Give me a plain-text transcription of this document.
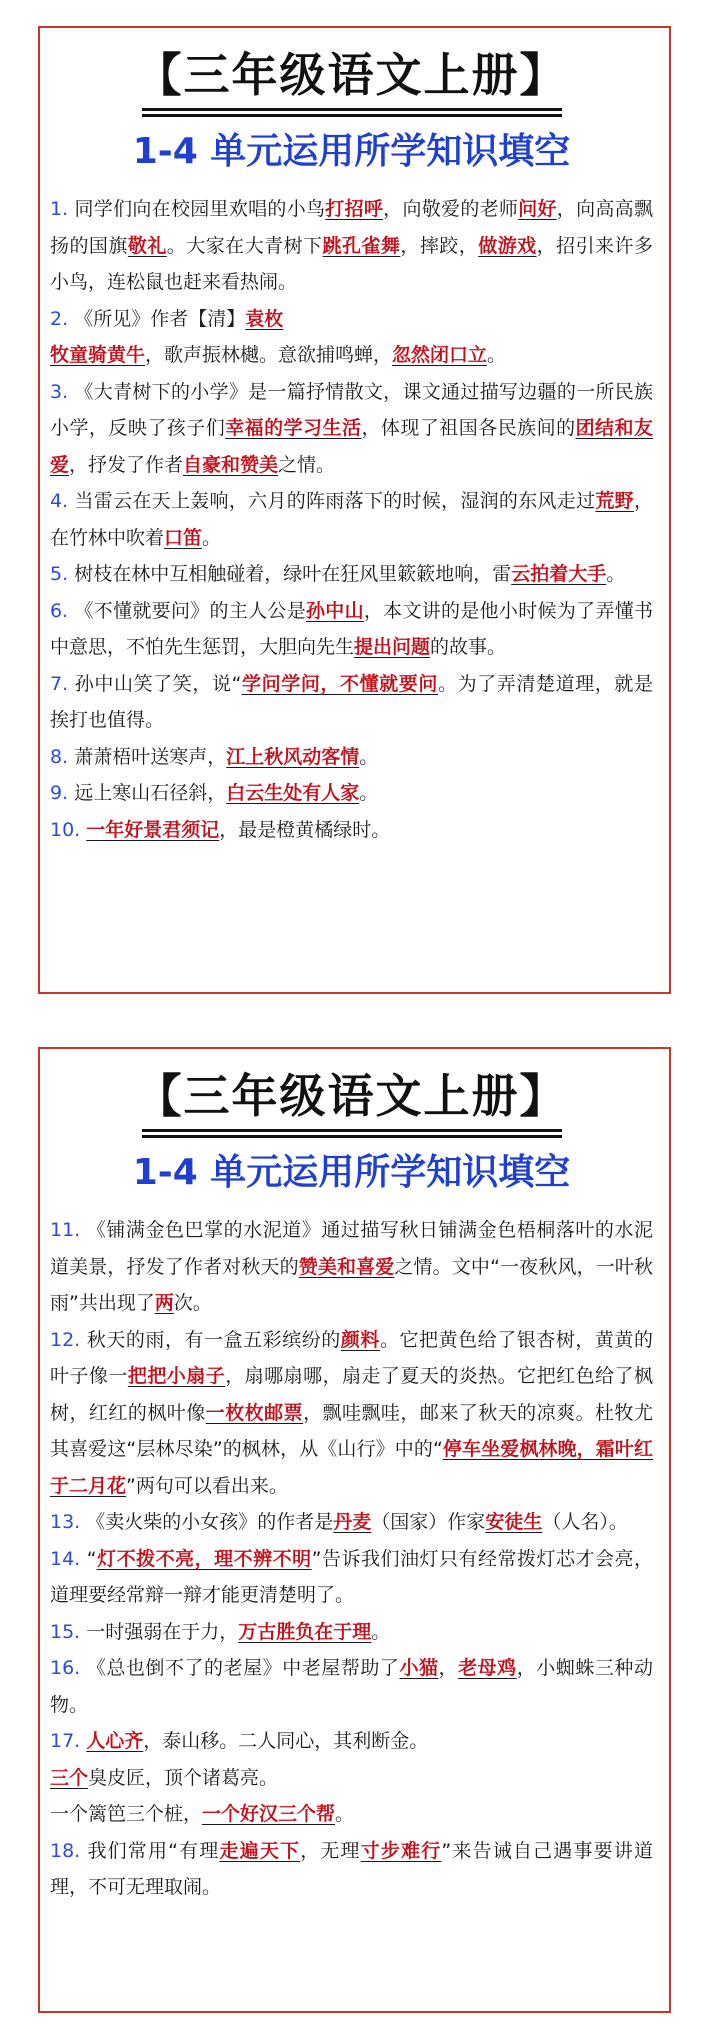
【三年级语文上册】
1-4 单元运用所学知识填空

1. 同学们向在校园里欢唱的小鸟打招呼，向敬爱的老师问好，向高高飘扬的国旗敬礼。大家在大青树下跳孔雀舞，摔跤，做游戏，招引来许多小鸟，连松鼠也赶来看热闹。

2. 《所见》作者【清】袁枚

牧童骑黄牛，歌声振林樾。意欲捕鸣蝉，忽然闭口立。

3. 《大青树下的小学》是一篇抒情散文，课文通过描写边疆的一所民族小学，反映了孩子们幸福的学习生活，体现了祖国各民族间的团结和友爱，抒发了作者自豪和赞美之情。

4. 当雷云在天上轰响，六月的阵雨落下的时候，湿润的东风走过荒野，在竹林中吹着口笛。

5. 树枝在林中互相触碰着，绿叶在狂风里簌簌地响，雷云拍着大手。

6. 《不懂就要问》的主人公是孙中山，本文讲的是他小时候为了弄懂书中意思，不怕先生惩罚，大胆向先生提出问题的故事。

7. 孙中山笑了笑，说“学问学问，不懂就要问。为了弄清楚道理，就是挨打也值得。

8. 萧萧梧叶送寒声，江上秋风动客情。

9. 远上寒山石径斜，白云生处有人家。

10. 一年好景君须记，最是橙黄橘绿时。

【三年级语文上册】
1-4 单元运用所学知识填空

11. 《铺满金色巴掌的水泥道》通过描写秋日铺满金色梧桐落叶的水泥道美景，抒发了作者对秋天的赞美和喜爱之情。文中“一夜秋风，一叶秋雨”共出现了两次。

12. 秋天的雨，有一盒五彩缤纷的颜料。它把黄色给了银杏树，黄黄的叶子像一把把小扇子，扇哪扇哪，扇走了夏天的炎热。它把红色给了枫树，红红的枫叶像一枚枚邮票，飘哇飘哇，邮来了秋天的凉爽。杜牧尤其喜爱这“层林尽染”的枫林，从《山行》中的“停车坐爱枫林晚，霜叶红于二月花”两句可以看出来。

13. 《卖火柴的小女孩》的作者是丹麦（国家）作家安徒生（人名）。

14. “灯不拨不亮，理不辨不明”告诉我们油灯只有经常拨灯芯才会亮，道理要经常辩一辩才能更清楚明了。

15. 一时强弱在于力，万古胜负在于理。

16. 《总也倒不了的老屋》中老屋帮助了小猫，老母鸡，小蜘蛛三种动物。

17. 人心齐，泰山移。二人同心，其利断金。

三个臭皮匠，顶个诸葛亮。

一个篱笆三个桩，一个好汉三个帮。

18. 我们常用“有理走遍天下，无理寸步难行”来告诫自己遇事要讲道理，不可无理取闹。
